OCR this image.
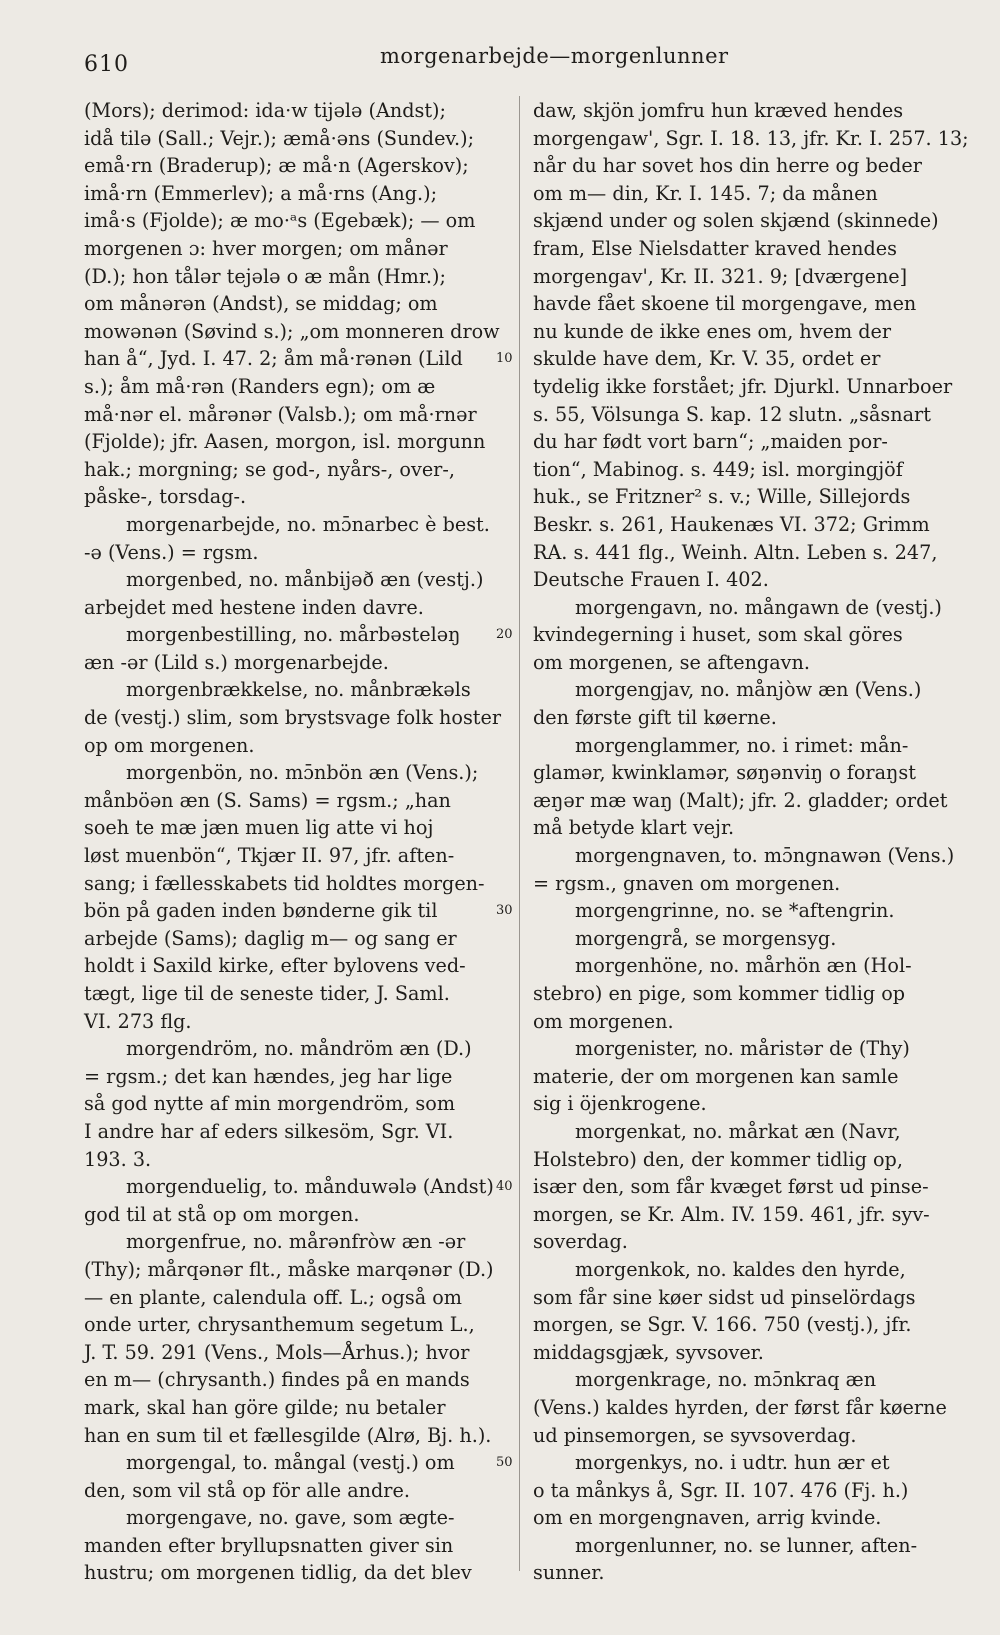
610	morgenarbejde—morgenlunner
(Mors); derimod: ida·w tijələ (Andst);
idå tilə (Sall.; Vejr.); æmå·əns (Sundev.);
emå·rn (Braderup); æ må·n (Agerskov);
imå·rn (Emmerlev); a må·rns (Ang.);
imå·s (Fjolde); æ mo·ᵃs (Egebæk); — om
morgenen ɔ: hver morgen; om månər
(D.); hon tålər tejələ o æ mån (Hmr.);
om månərən (Andst), se middag; om
mowənən (Søvind s.); „om monneren drow
han å“, Jyd. I. 47. 2; åm må·rənən (Lild
s.); åm må·rən (Randers egn); om æ
må·nər el. mårənər (Valsb.); om må·rnər
(Fjolde); jfr. Aasen, morgon, isl. morgunn
hak.; morgning; se god-, nyårs-, over-,
påske-, torsdag-.
morgenarbejde, no. mɔ̄narbec è best.
-ə (Vens.) = rgsm.
morgenbed, no. månbijəð æn (vestj.)
arbejdet med hestene inden davre.
morgenbestilling, no. mårbəsteləŋ
æn -ər (Lild s.) morgenarbejde.
morgenbrækkelse, no. månbrækəls
de (vestj.) slim, som brystsvage folk hoster
op om morgenen.
morgenbön, no. mɔ̄nbön æn (Vens.);
månböən æn (S. Sams) = rgsm.; „han
soeh te mæ jæn muen lig atte vi hoj
løst muenbön“, Tkjær II. 97, jfr. aften-
sang; i fællesskabets tid holdtes morgen-
bön på gaden inden bønderne gik til
arbejde (Sams); daglig m— og sang er
holdt i Saxild kirke, efter bylovens ved-
tægt, lige til de seneste tider, J. Saml.
VI. 273 flg.
morgendröm, no. måndröm æn (D.)
= rgsm.; det kan hændes, jeg har lige
så god nytte af min morgendröm, som
I andre har af eders silkesöm, Sgr. VI.
193. 3.
morgenduelig, to. månduwələ (Andst)
god til at stå op om morgen.
morgenfrue, no. mårənfròw æn -ər
(Thy); mårqənər flt., måske marqənər (D.)
— en plante, calendula off. L.; også om
onde urter, chrysanthemum segetum L.,
J. T. 59. 291 (Vens., Mols—Århus.); hvor
en m— (chrysanth.) findes på en mands
mark, skal han göre gilde; nu betaler
han en sum til et fællesgilde (Alrø, Bj. h.).
morgengal, to. mångal (vestj.) om
den, som vil stå op för alle andre.
morgengave, no. gave, som ægte-
manden efter bryllupsnatten giver sin
hustru; om morgenen tidlig, da det blev
daw, skjön jomfru hun kræved hendes
morgengaw', Sgr. I. 18. 13, jfr. Kr. I. 257. 13;
når du har sovet hos din herre og beder
om m— din, Kr. I. 145. 7; da månen
skjænd under og solen skjænd (skinnede)
fram, Else Nielsdatter kraved hendes
morgengav', Kr. II. 321. 9; [dværgene]
havde fået skoene til morgengave, men
nu kunde de ikke enes om, hvem der
skulde have dem, Kr. V. 35, ordet er
tydelig ikke forstået; jfr. Djurkl. Unnarboer
s. 55, Völsunga S. kap. 12 slutn. „såsnart
du har født vort barn“; „maiden por-
tion“, Mabinog. s. 449; isl. morgingjöf
huk., se Fritzner² s. v.; Wille, Sillejords
Beskr. s. 261, Haukenæs VI. 372; Grimm
RA. s. 441 flg., Weinh. Altn. Leben s. 247,
Deutsche Frauen I. 402.
morgengavn, no. mångawn de (vestj.)
kvindegerning i huset, som skal göres
om morgenen, se aftengavn.
morgengjav, no. månjòw æn (Vens.)
den første gift til køerne.
morgenglammer, no. i rimet: mån-
glamər, kwinklamər, søŋənviŋ o foraŋst
æŋər mæ waŋ (Malt); jfr. 2. gladder; ordet
må betyde klart vejr.
morgengnaven, to. mɔ̄ngnawən (Vens.)
= rgsm., gnaven om morgenen.
morgengrinne, no. se *aftengrin.
morgengrå, se morgensyg.
morgenhöne, no. mårhön æn (Hol-
stebro) en pige, som kommer tidlig op
om morgenen.
morgenister, no. måristər de (Thy)
materie, der om morgenen kan samle
sig i öjenkrogene.
morgenkat, no. mårkat æn (Navr,
Holstebro) den, der kommer tidlig op,
især den, som får kvæget først ud pinse-
morgen, se Kr. Alm. IV. 159. 461, jfr. syv-
soverdag.
morgenkok, no. kaldes den hyrde,
som får sine køer sidst ud pinselördags
morgen, se Sgr. V. 166. 750 (vestj.), jfr.
middagsgjæk, syvsover.
morgenkrage, no. mɔ̄nkraq æn
(Vens.) kaldes hyrden, der først får køerne
ud pinsemorgen, se syvsoverdag.
morgenkys, no. i udtr. hun ær et
o ta månkys å, Sgr. II. 107. 476 (Fj. h.)
om en morgengnaven, arrig kvinde.
morgenlunner, no. se lunner, aften-
sunner.
10
20
30
40
50
